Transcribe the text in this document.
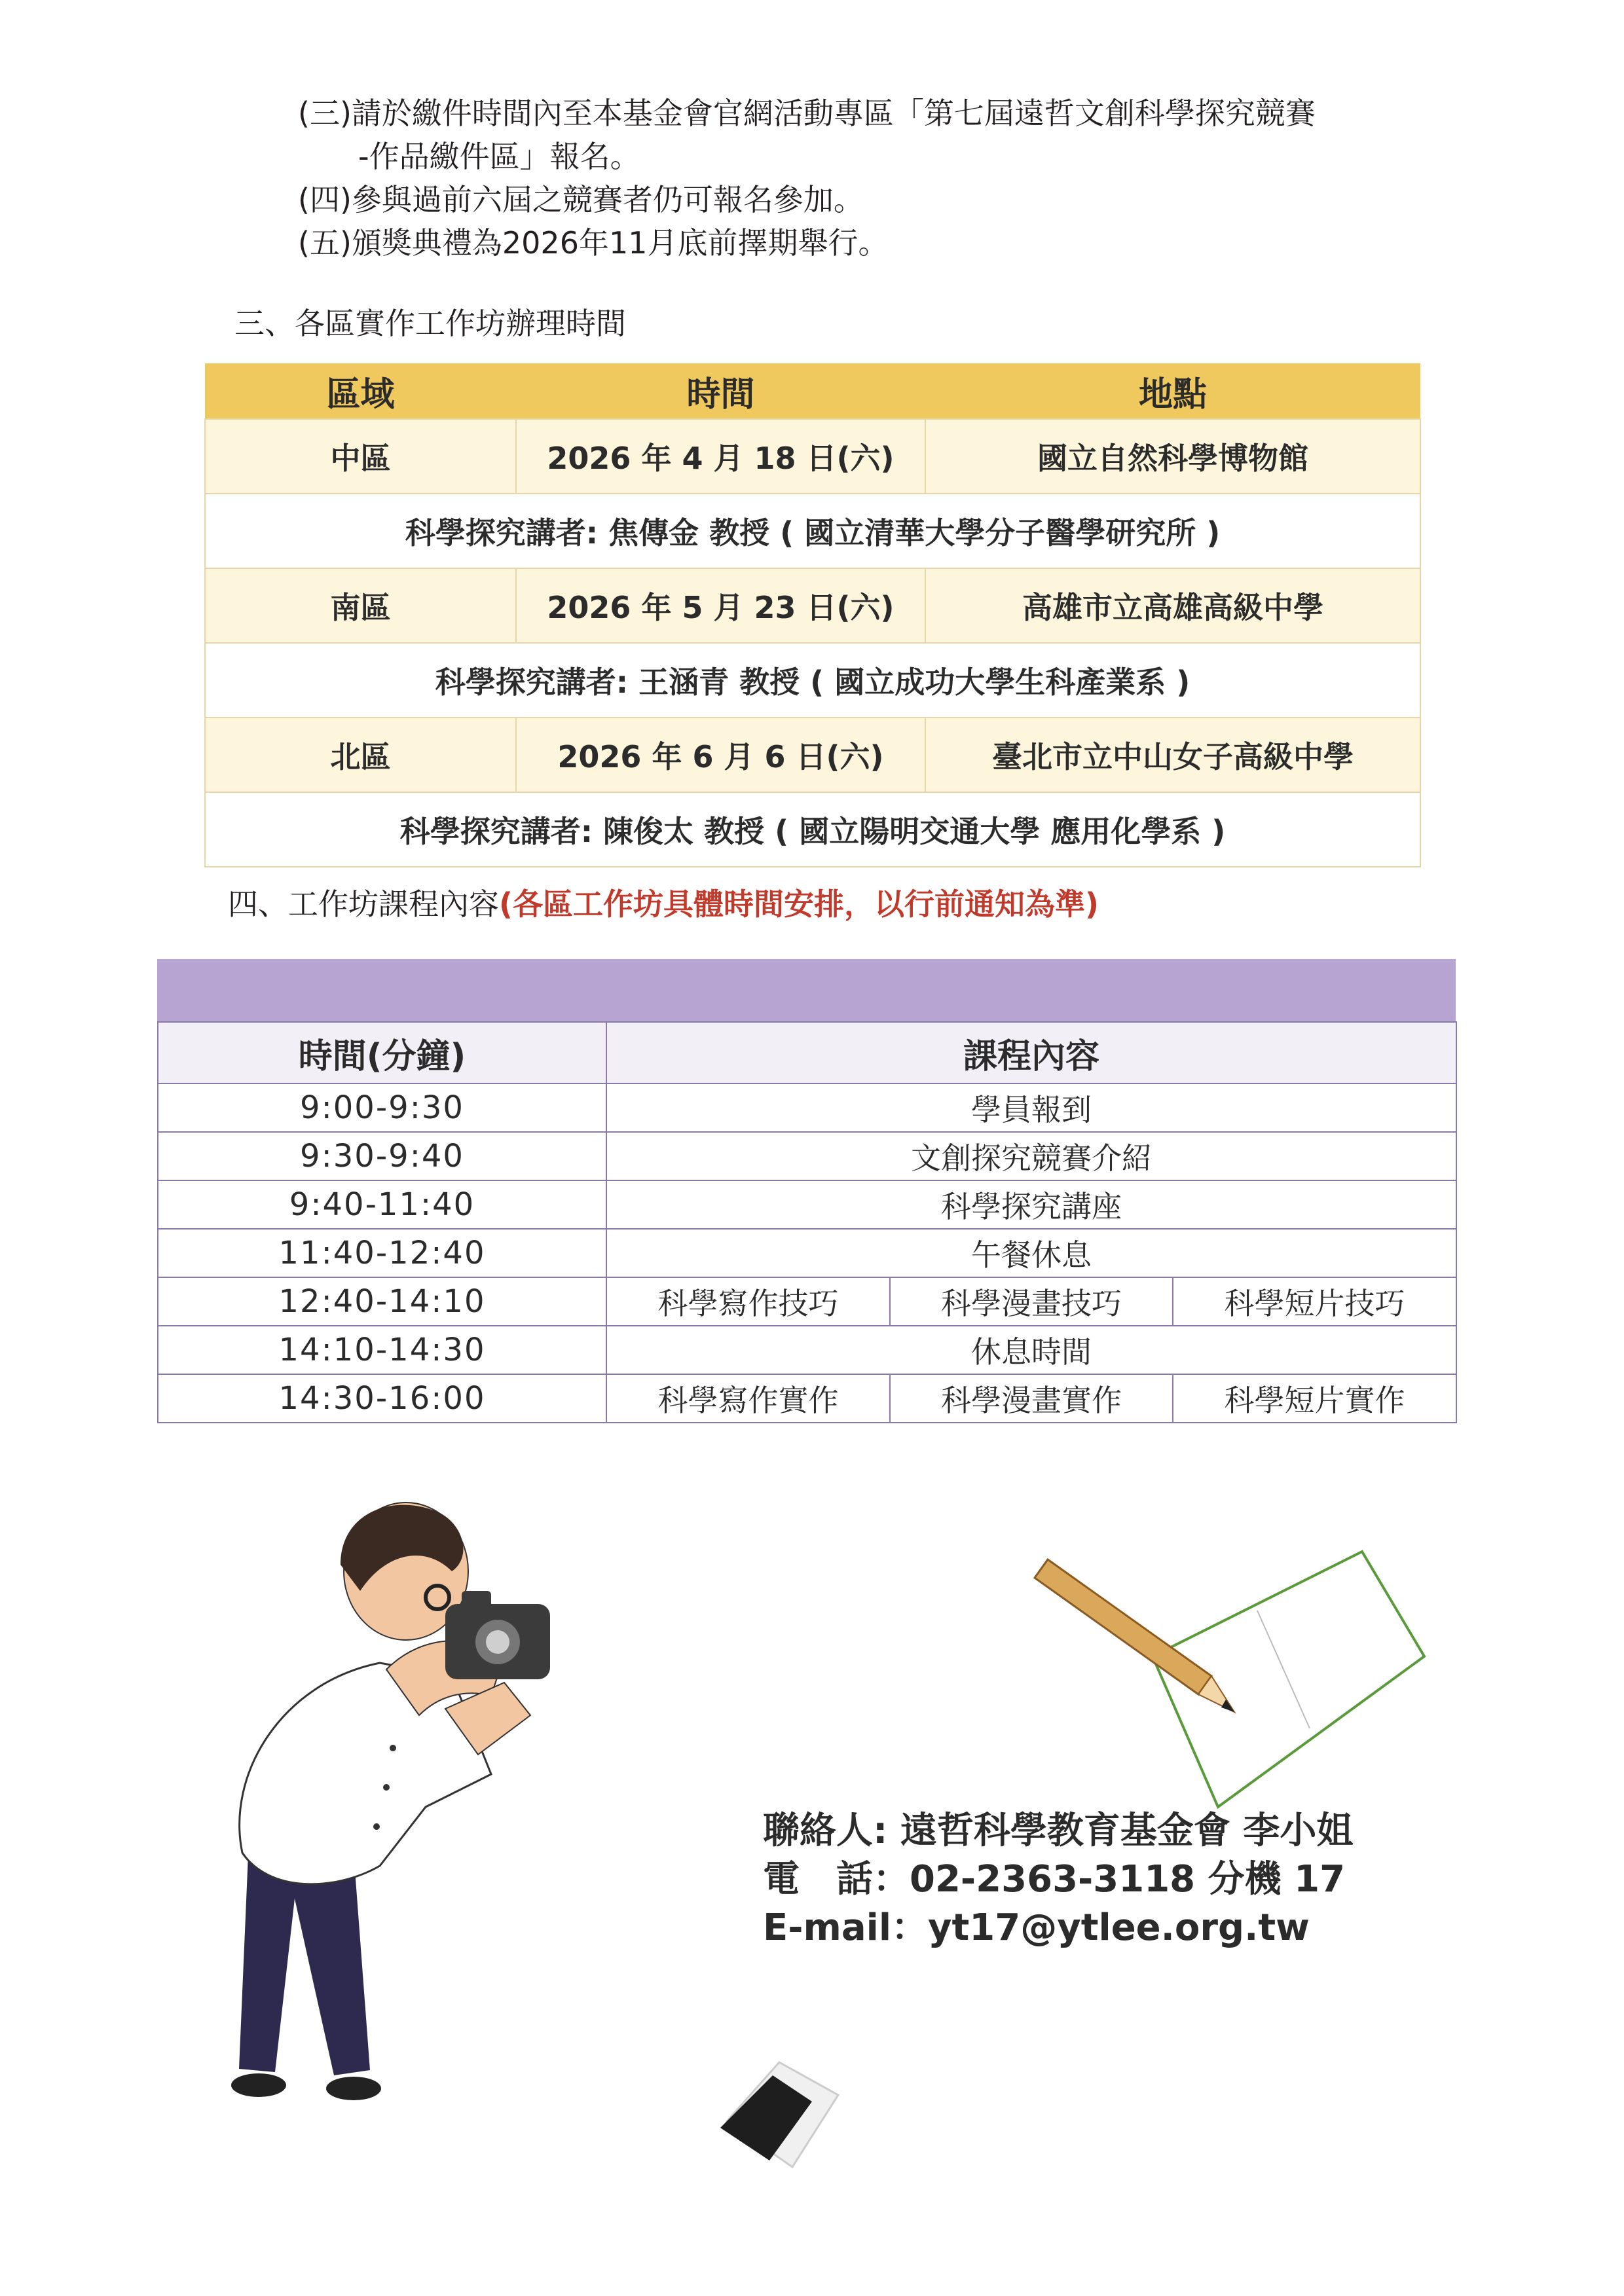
(三)請於繳件時間內至本基金會官網活動專區「第七屆遠哲文創科學探究競賽
-作品繳件區」報名。
(四)參與過前六屆之競賽者仍可報名參加。
(五)頒獎典禮為2026年11月底前擇期舉行。
三、各區實作工作坊辦理時間
區域	時間	地點
中區	2026 年 4 月 18 日(六)	國立自然科學博物館
科學探究講者: 焦傳金 教授 ( 國立清華大學分子醫學研究所 )		
南區	2026 年 5 月 23 日(六)	高雄市立高雄高級中學
科學探究講者: 王涵青 教授 ( 國立成功大學生科產業系 )		
北區	2026 年 6 月 6 日(六)	臺北市立中山女子高級中學
科學探究講者: 陳俊太 教授 ( 國立陽明交通大學 應用化學系 )		
四、工作坊課程內容(各區工作坊具體時間安排，以行前通知為準)
時間(分鐘)	課程內容		
9:00-9:30	學員報到		
9:30-9:40	文創探究競賽介紹		
9:40-11:40	科學探究講座		
11:40-12:40	午餐休息		
12:40-14:10	科學寫作技巧	科學漫畫技巧	科學短片技巧
14:10-14:30	休息時間		
14:30-16:00	科學寫作實作	科學漫畫實作	科學短片實作
聯絡人: 遠哲科學教育基金會 李小姐
電　話：02-2363-3118 分機 17
E-mail：yt17@ytlee.org.tw
